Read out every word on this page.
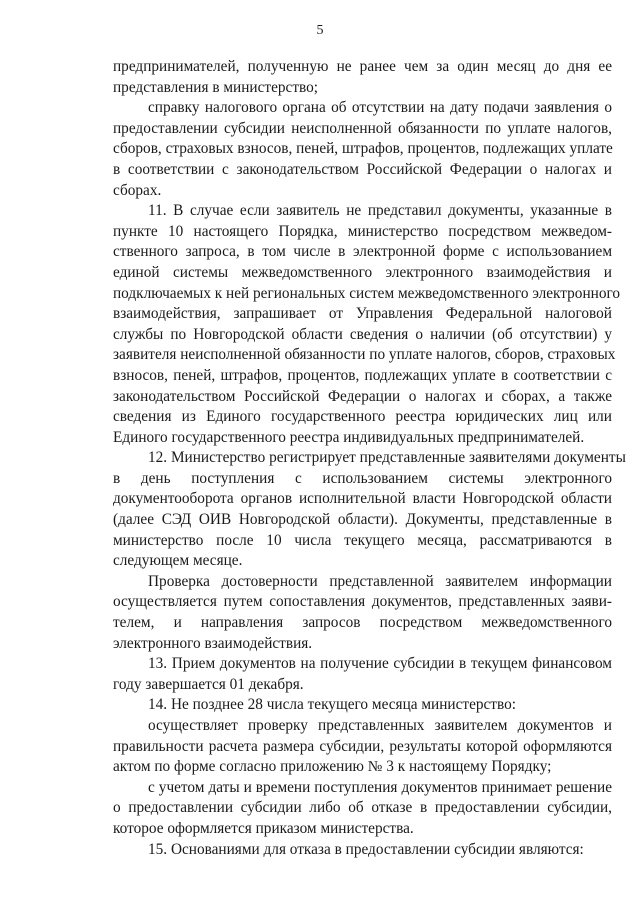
5
предпринимателей, полученную не ранее чем за один месяц до дня ее
представления в министерство;
справку налогового органа об отсутствии на дату подачи заявления о
предоставлении субсидии неисполненной обязанности по уплате налогов,
сборов, страховых взносов, пеней, штрафов, процентов, подлежащих уплате
в соответствии с законодательством Российской Федерации о налогах и
сборах.
11. В случае если заявитель не представил документы, указанные в
пункте 10 настоящего Порядка, министерство посредством межведом-
ственного запроса, в том числе в электронной форме с использованием
единой системы межведомственного электронного взаимодействия и
подключаемых к ней региональных систем межведомственного электронного
взаимодействия, запрашивает от Управления Федеральной налоговой
службы по Новгородской области сведения о наличии (об отсутствии) у
заявителя неисполненной обязанности по уплате налогов, сборов, страховых
взносов, пеней, штрафов, процентов, подлежащих уплате в соответствии с
законодательством Российской Федерации о налогах и сборах, а также
сведения из Единого государственного реестра юридических лиц или
Единого государственного реестра индивидуальных предпринимателей.
12. Министерство регистрирует представленные заявителями документы
в день поступления с использованием системы электронного
документооборота органов исполнительной власти Новгородской области
(далее СЭД ОИВ Новгородской области). Документы, представленные в
министерство после 10 числа текущего месяца, рассматриваются в
следующем месяце.
Проверка достоверности представленной заявителем информации
осуществляется путем сопоставления документов, представленных заяви-
телем, и направления запросов посредством межведомственного
электронного взаимодействия.
13. Прием документов на получение субсидии в текущем финансовом
году завершается 01 декабря.
14. Не позднее 28 числа текущего месяца министерство:
осуществляет проверку представленных заявителем документов и
правильности расчета размера субсидии, результаты которой оформляются
актом по форме согласно приложению № 3 к настоящему Порядку;
с учетом даты и времени поступления документов принимает решение
о предоставлении субсидии либо об отказе в предоставлении субсидии,
которое оформляется приказом министерства.
15. Основаниями для отказа в предоставлении субсидии являются:
